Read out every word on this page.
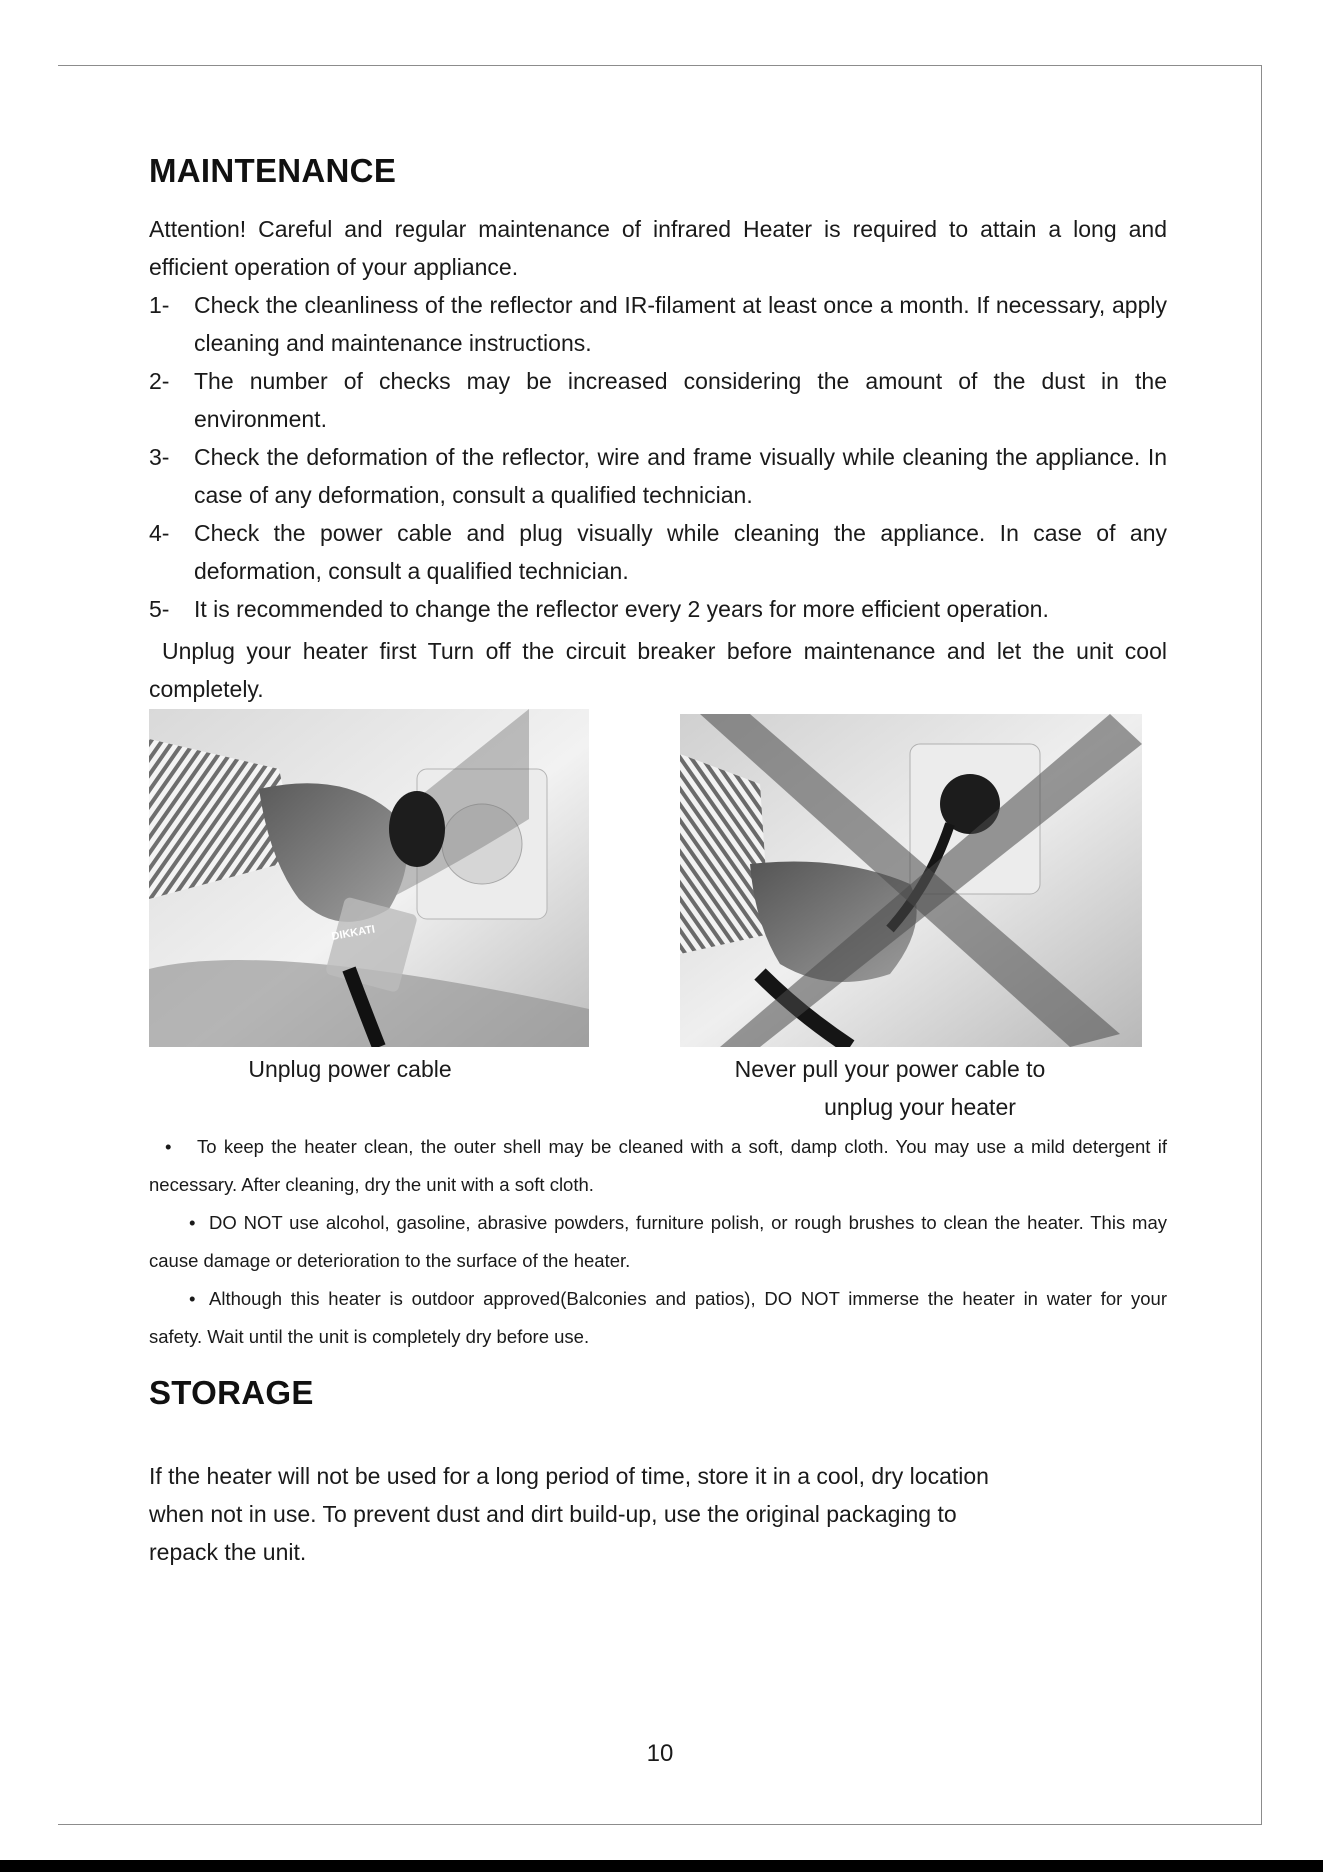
MAINTENANCE

Attention! Careful and regular maintenance of infrared Heater is required to attain a long and efficient operation of your appliance.

1- Check the cleanliness of the reflector and IR-filament at least once a month. If necessary, apply cleaning and maintenance instructions.
2- The number of checks may be increased considering the amount of the dust in the environment.
3- Check the deformation of the reflector, wire and frame visually while cleaning the appliance. In case of any deformation, consult a qualified technician.
4- Check the power cable and plug visually while cleaning the appliance. In case of any deformation, consult a qualified technician.
5- It is recommended to change the reflector every 2 years for more efficient operation.

Unplug your heater first Turn off the circuit breaker before maintenance and let the unit cool completely.

DIKKATI
Unplug power cable	Never pull your power cable to
unplug your heater

• To keep the heater clean, the outer shell may be cleaned with a soft, damp cloth. You may use a mild detergent if necessary. After cleaning, dry the unit with a soft cloth.

• DO NOT use alcohol, gasoline, abrasive powders, furniture polish, or rough brushes to clean the heater. This may cause damage or deterioration to the surface of the heater.

• Although this heater is outdoor approved(Balconies and patios), DO NOT immerse the heater in water for your safety. Wait until the unit is completely dry before use.

STORAGE

If the heater will not be used for a long period of time, store it in a cool, dry location when not in use. To prevent dust and dirt build-up, use the original packaging to repack the unit.

10
